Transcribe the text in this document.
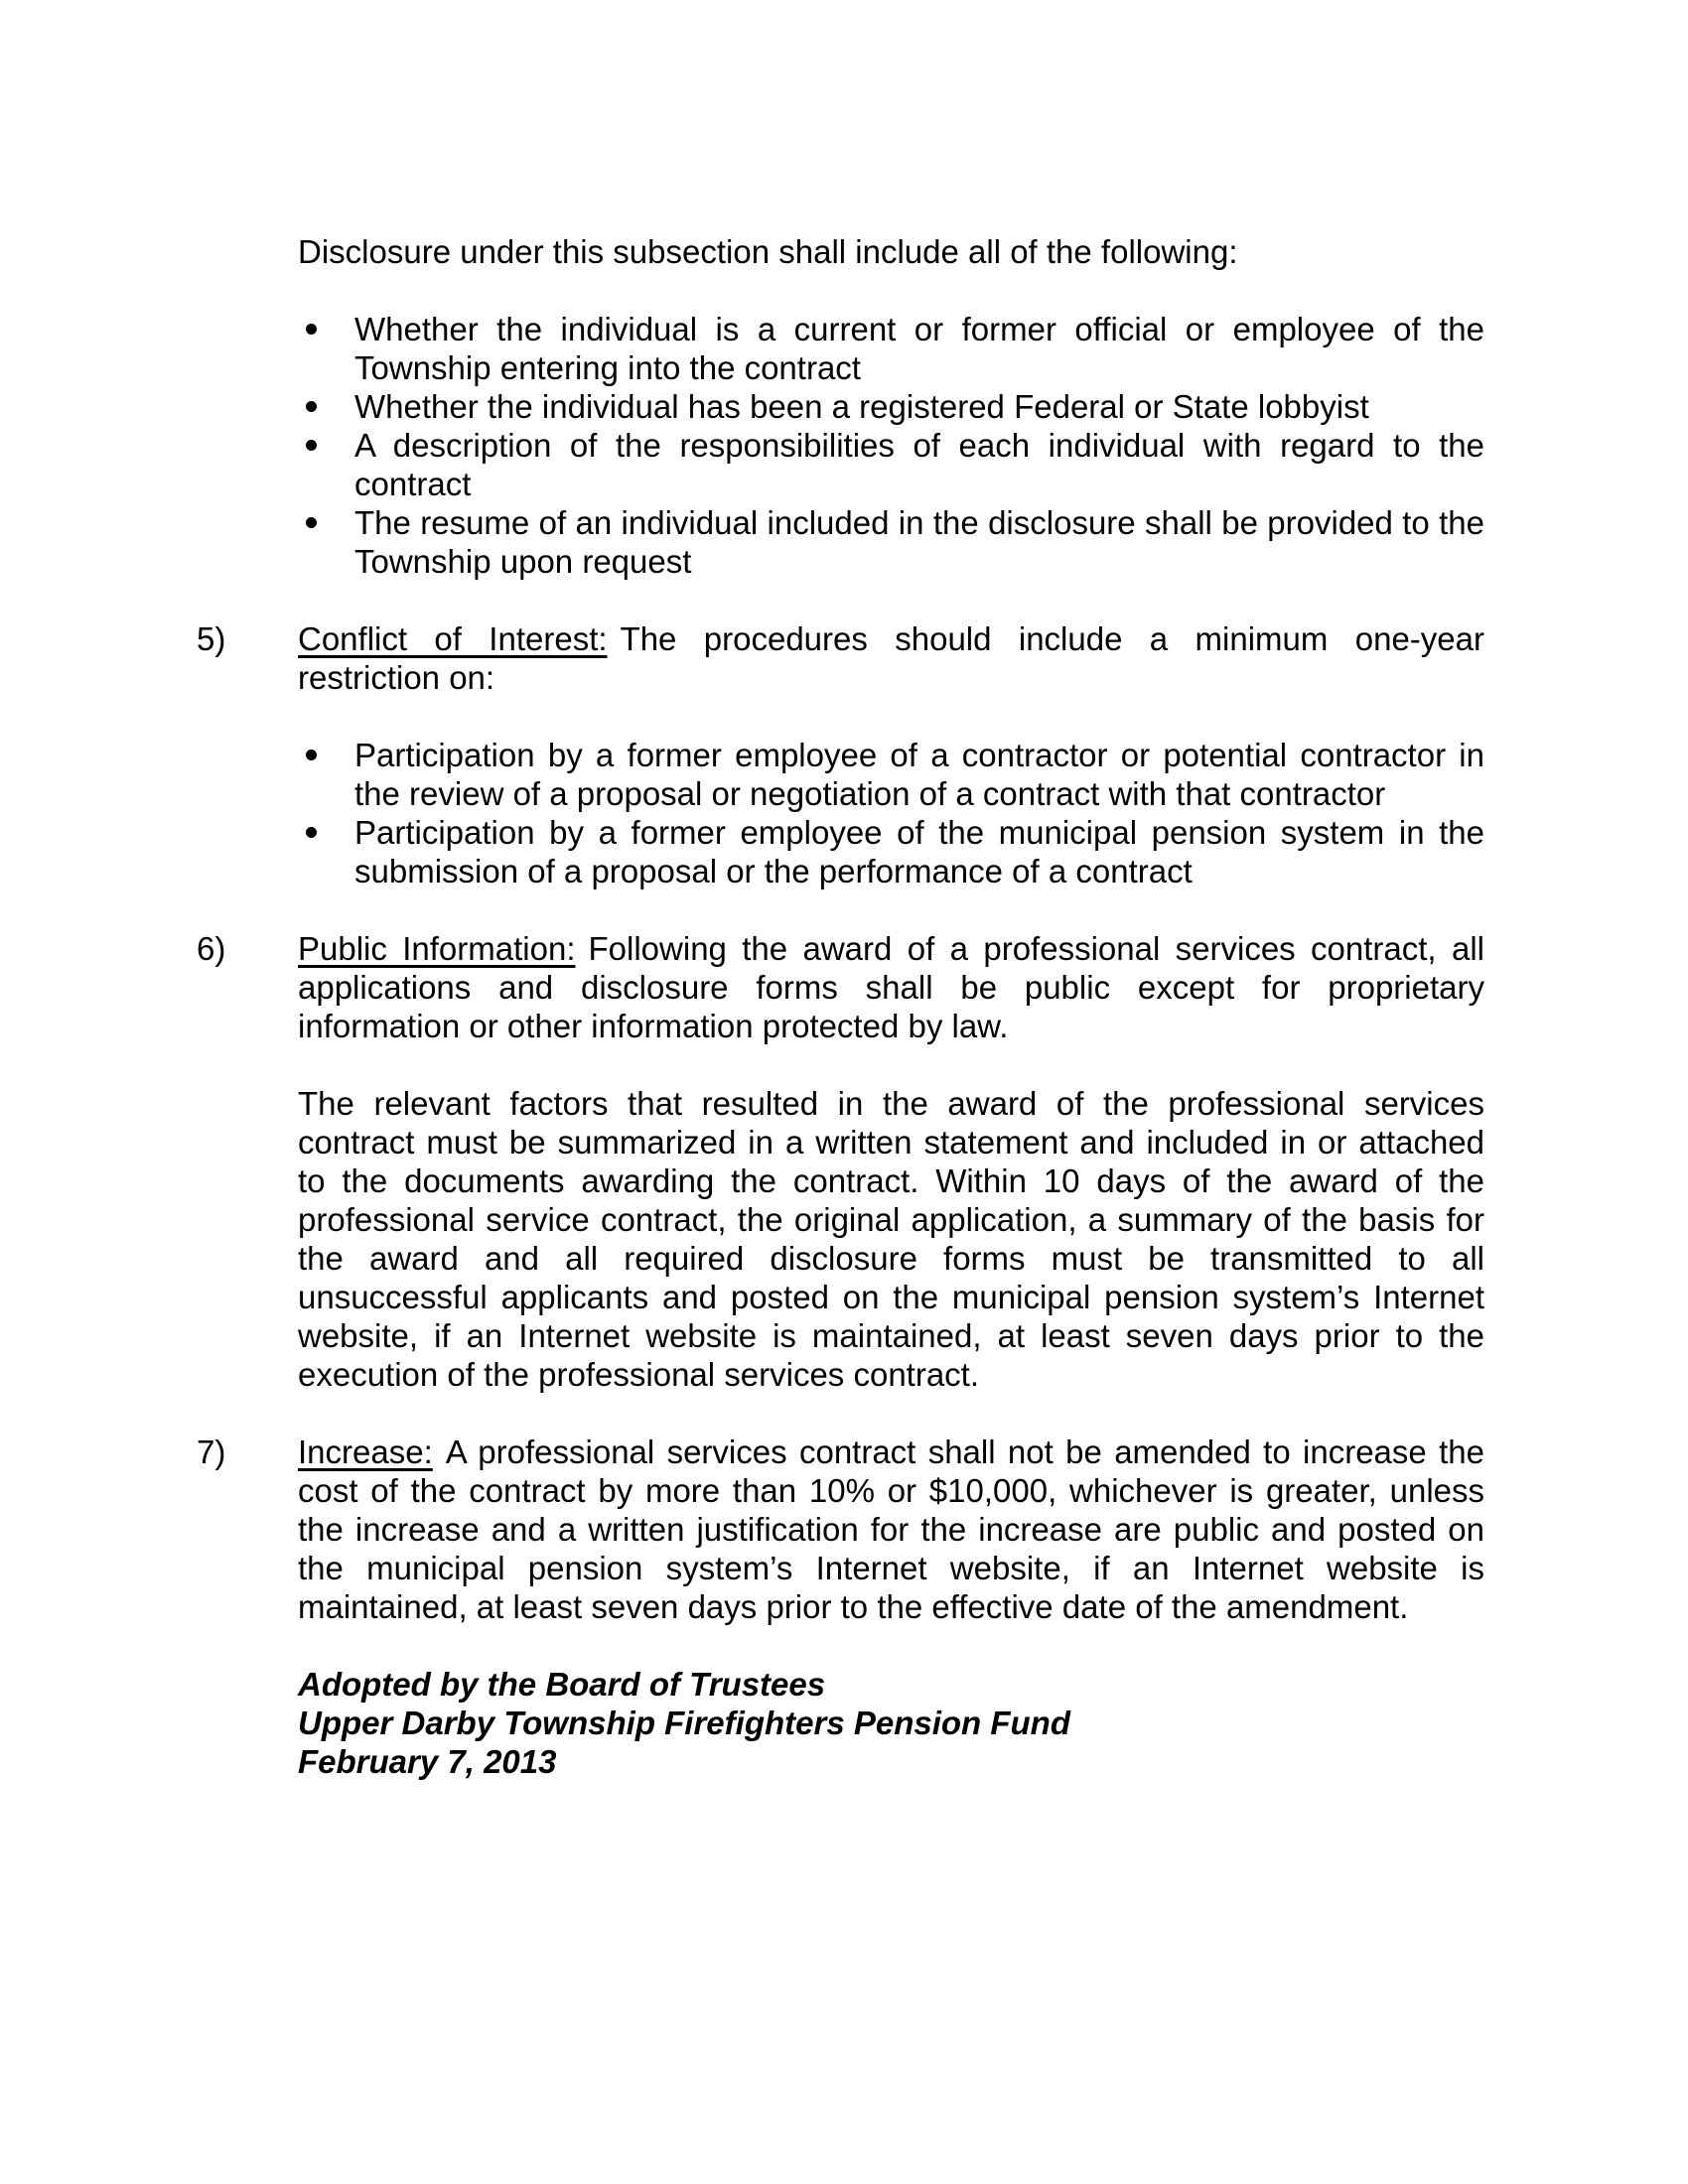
Disclosure under this subsection shall include all of the following:

Whether the individual is a current or former official or employee of the Township entering into the contract
Whether the individual has been a registered Federal or State lobbyist
A description of the responsibilities of each individual with regard to the contract
The resume of an individual included in the disclosure shall be provided to the Township upon request
5)	Conflict of Interest: The procedures should include a minimum one-year restriction on:

Participation by a former employee of a contractor or potential contractor in the review of a proposal or negotiation of a contract with that contractor
Participation by a former employee of the municipal pension system in the submission of a proposal or the performance of a contract
6)	Public Information: Following the award of a professional services contract, all applications and disclosure forms shall be public except for proprietary information or other information protected by law.

The relevant factors that resulted in the award of the professional services contract must be summarized in a written statement and included in or attached to the documents awarding the contract. Within 10 days of the award of the professional service contract, the original application, a summary of the basis for the award and all required disclosure forms must be transmitted to all unsuccessful applicants and posted on the municipal pension system’s Internet website, if an Internet website is maintained, at least seven days prior to the execution of the professional services contract.

7)	Increase: A professional services contract shall not be amended to increase the cost of the contract by more than 10% or $10,000, whichever is greater, unless the increase and a written justification for the increase are public and posted on the municipal pension system’s Internet website, if an Internet website is maintained, at least seven days prior to the effective date of the amendment.

Adopted by the Board of Trustees

Upper Darby Township Firefighters Pension Fund

February 7, 2013
